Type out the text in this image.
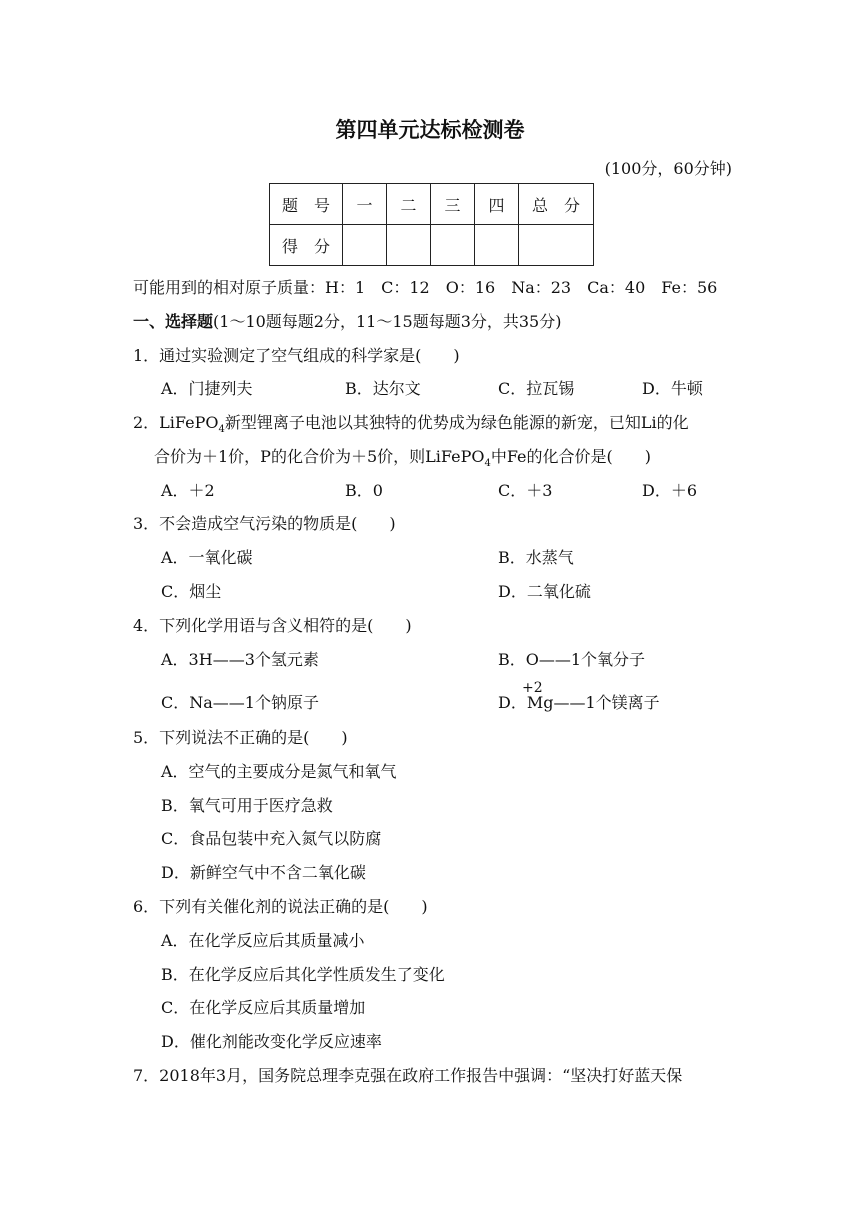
第四单元达标检测卷
(100分，60分钟)
题　号	一	二	三	四	总　分
得　分					
可能用到的相对原子质量：H：1　C：12　O：16　Na：23　Ca：40　Fe：56
一、选择题(1～10题每题2分，11～15题每题3分，共35分)
1．通过实验测定了空气组成的科学家是(　　)
A．门捷列夫	B．达尔文	C．拉瓦锡	D．牛顿
2．LiFePO$_4$新型锂离子电池以其独特的优势成为绿色能源的新宠，已知Li的化
合价为＋1价，P的化合价为＋5价，则LiFePO$_4$中Fe的化合价是(　　)
A．＋2	B．0	C．＋3	D．＋6
3．不会造成空气污染的物质是(　　)
A．一氧化碳	B．水蒸气
C．烟尘	D．二氧化硫
4．下列化学用语与含义相符的是(　　)
A．3H——3个氢元素	B．O——1个氧分子
C．Na——1个钠原子	D．Mg——1个镁离子
+2
5．下列说法不正确的是(　　)
A．空气的主要成分是氮气和氧气
B．氧气可用于医疗急救
C．食品包装中充入氮气以防腐
D．新鲜空气中不含二氧化碳
6．下列有关催化剂的说法正确的是(　　)
A．在化学反应后其质量减小
B．在化学反应后其化学性质发生了变化
C．在化学反应后其质量增加
D．催化剂能改变化学反应速率
7．2018年3月，国务院总理李克强在政府工作报告中强调：“坚决打好蓝天保
